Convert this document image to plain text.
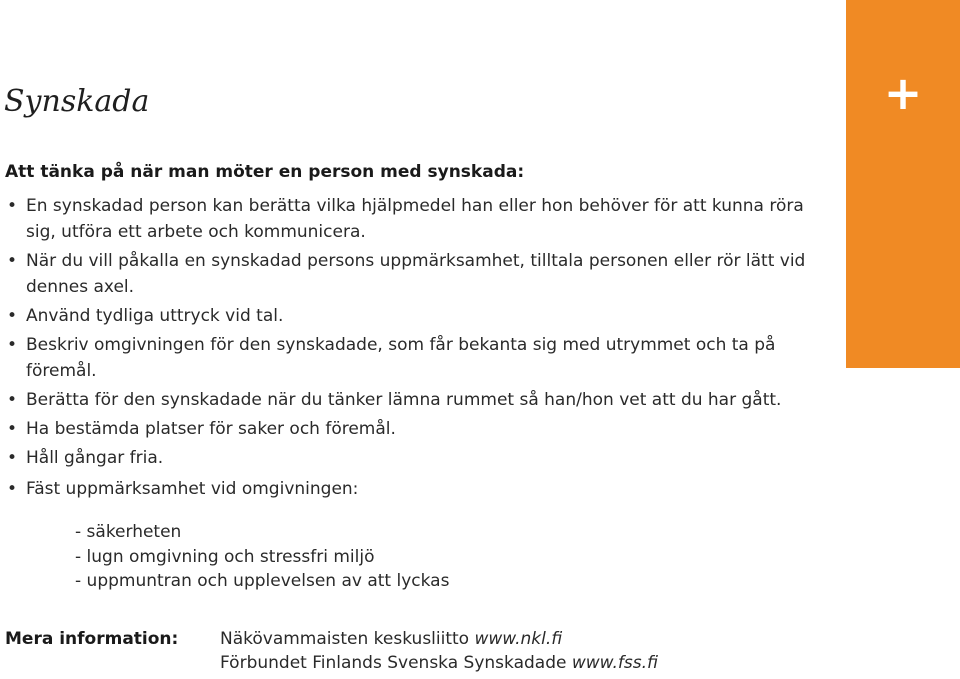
+
Synskada
Att tänka på när man möter en person med synskada:
• En synskadad person kan berätta vilka hjälpmedel han eller hon behöver för att kunna röra sig, utföra ett arbete och kommunicera.
• När du vill påkalla en synskadad persons uppmärksamhet, tilltala personen eller rör lätt vid dennes axel.
• Använd tydliga uttryck vid tal.
• Beskriv omgivningen för den synskadade, som får bekanta sig med utrymmet och ta på föremål.
• Berätta för den synskadade när du tänker lämna rummet så han/hon vet att du har gått.
• Ha bestämda platser för saker och föremål.
• Håll gångar fria.
• Fäst uppmärksamhet vid omgivningen:
- säkerheten
- lugn omgivning och stressfri miljö
- uppmuntran och upplevelsen av att lyckas
Mera information: Näkövammaisten keskusliitto www.nkl.fi
Förbundet Finlands Svenska Synskadade www.fss.fi
